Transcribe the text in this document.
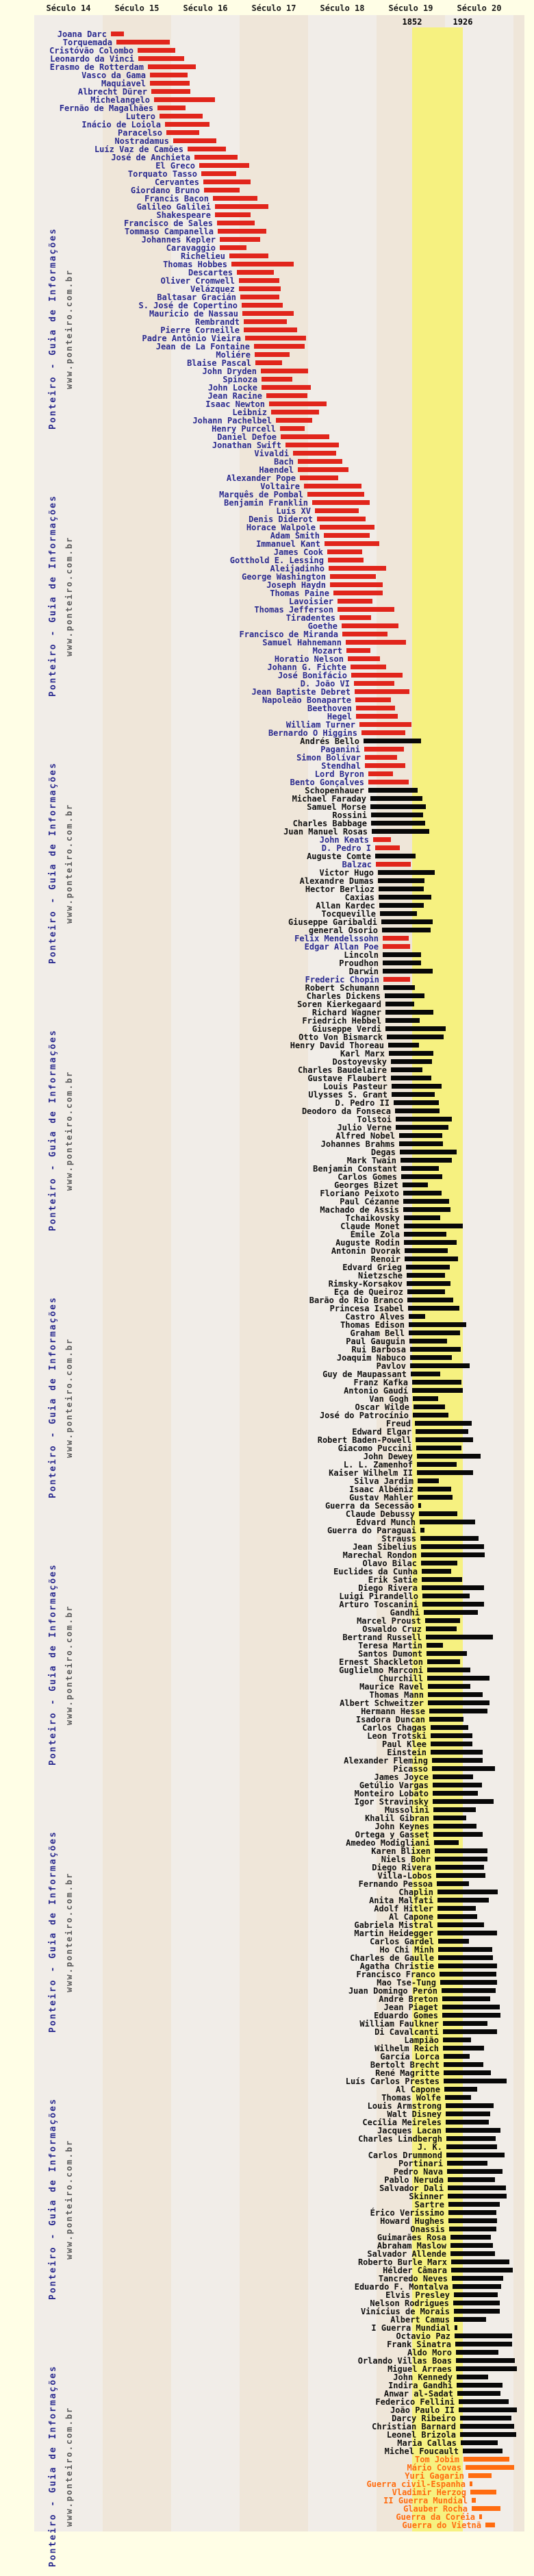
Século 14	Século 15	Século 16	Século 17	Século 18	Século 19	Século 20
1852	1926
Ponteiro - Guia de Informações www.ponteiro.com.br
Ponteiro - Guia de Informações www.ponteiro.com.br
Ponteiro - Guia de Informações www.ponteiro.com.br
Ponteiro - Guia de Informações www.ponteiro.com.br
Ponteiro - Guia de Informações www.ponteiro.com.br
Ponteiro - Guia de Informações www.ponteiro.com.br
Ponteiro - Guia de Informações www.ponteiro.com.br
Ponteiro - Guia de Informações www.ponteiro.com.br
Ponteiro - Guia de Informações www.ponteiro.com.br
Joana Darc
Torquemada
Cristóvão Colombo
Leonardo da Vinci
Erasmo de Rotterdam
Vasco da Gama
Maquiavel
Albrecht Dürer
Michelangelo
Fernão de Magalhães
Lutero
Inácio de Loiola
Paracelso
Nostradamus
Luíz Vaz de Camões
José de Anchieta
El Greco
Torquato Tasso
Cervantes
Giordano Bruno
Francis Bacon
Galileo Galilei
Shakespeare
Francisco de Sales
Tommaso Campanella
Johannes Kepler
Caravaggio
Richelieu
Thomas Hobbes
Descartes
Oliver Cromwell
Velázquez
Baltasar Gracián
S. José de Copertino
Mauricio de Nassau
Rembrandt
Pierre Corneille
Padre Antônio Vieira
Jean de La Fontaine
Moliére
Blaise Pascal
John Dryden
Spinoza
John Locke
Jean Racine
Isaac Newton
Leibniz
Johann Pachelbel
Henry Purcell
Daniel Defoe
Jonathan Swift
Vivaldi
Bach
Haendel
Alexander Pope
Voltaire
Marquês de Pombal
Benjamin Franklin
Luís XV
Denis Diderot
Horace Walpole
Adam Smith
Immanuel Kant
James Cook
Gotthold E. Lessing
Aleijadinho
George Washington
Joseph Haydn
Thomas Paine
Lavoisier
Thomas Jefferson
Tiradentes
Goethe
Francisco de Miranda
Samuel Hahnemann
Mozart
Horatio Nelson
Johann G. Fichte
José Bonifácio
D. João VI
Jean Baptiste Debret
Napoleão Bonaparte
Beethoven
Hegel
William Turner
Bernardo O Higgins
Andrés Bello
Paganini
Simon Bolívar
Stendhal
Lord Byron
Bento Gonçalves
Schopenhauer
Michael Faraday
Samuel Morse
Rossini
Charles Babbage
Juan Manuel Rosas
John Keats
D. Pedro I
Auguste Comte
Balzac
Victor Hugo
Alexandre Dumas
Hector Berlioz
Caxias
Allan Kardec
Tocqueville
Giuseppe Garibaldi
general Osorio
Felix Mendelssohn
Edgar Allan Poe
Lincoln
Proudhon
Darwin
Frederic Chopin
Robert Schumann
Charles Dickens
Soren Kierkegaard
Richard Wagner
Friedrich Hebbel
Giuseppe Verdi
Otto Von Bismarck
Henry David Thoreau
Karl Marx
Dostoyevsky
Charles Baudelaire
Gustave Flaubert
Louis Pasteur
Ulysses S. Grant
D. Pedro II
Deodoro da Fonseca
Tolstoi
Julio Verne
Alfred Nobel
Johannes Brahms
Degas
Mark Twain
Benjamin Constant
Carlos Gomes
Georges Bizet
Floriano Peixoto
Paul Cézanne
Machado de Assis
Tchaikovsky
Claude Monet
Émile Zola
Auguste Rodin
Antonin Dvorak
Renoir
Edvard Grieg
Nietzsche
Rimsky-Korsakov
Eça de Queiroz
Barão do Rio Branco
Princesa Isabel
Castro Alves
Thomas Edison
Graham Bell
Paul Gauguin
Rui Barbosa
Joaquim Nabuco
Pavlov
Guy de Maupassant
Franz Kafka
Antonio Gaudí
Van Gogh
Oscar Wilde
José do Patrocínio
Freud
Edward Elgar
Robert Baden-Powell
Giacomo Puccini
John Dewey
L. L. Zamenhof
Kaiser Wilhelm II
Silva Jardim
Isaac Albéniz
Gustav Mahler
Guerra da Secessão
Claude Debussy
Edvard Munch
Guerra do Paraguai
Strauss
Jean Sibelius
Marechal Rondon
Olavo Bilac
Euclides da Cunha
Erik Satie
Diego Rivera
Luigi Pirandello
Arturo Toscanini
Gandhi
Marcel Proust
Oswaldo Cruz
Bertrand Russell
Teresa Martin
Santos Dumont
Ernest Shackleton
Guglielmo Marconi
Churchill
Maurice Ravel
Thomas Mann
Albert Schweitzer
Hermann Hesse
Isadora Duncan
Carlos Chagas
Leon Trotski
Paul Klee
Einstein
Alexander Fleming
Picasso
James Joyce
Getúlio Vargas
Monteiro Lobato
Igor Stravinsky
Mussolini
Khalil Gibran
John Keynes
Ortega y Gasset
Amedeo Modigliani
Karen Blixen
Niels Bohr
Diego Rivera
Villa-Lobos
Fernando Pessoa
Chaplin
Anita Malfati
Adolf Hitler
Al Capone
Gabriela Mistral
Martin Heidegger
Carlos Gardel
Ho Chi Minh
Charles de Gaulle
Agatha Christie
Francisco Franco
Mao Tse-Tung
Juan Domingo Perón
André Breton
Jean Piaget
Eduardo Gomes
William Faulkner
Di Cavalcanti
Lampião
Wilhelm Reich
García Lorca
Bertolt Brecht
René Magritte
Luís Carlos Prestes
Al Capone
Thomas Wolfe
Louis Armstrong
Walt Disney
Cecília Meireles
Jacques Lacan
Charles Lindbergh
J. K.
Carlos Drummond
Portinari
Pedro Nava
Pablo Neruda
Salvador Dali
Skinner
Sartre
Érico Veríssimo
Howard Hughes
Onassis
Guimarães Rosa
Abraham Maslow
Salvador Allende
Roberto Burle Marx
Hélder Câmara
Tancredo Neves
Eduardo F. Montalva
Elvis Presley
Nelson Rodrigues
Vinícius de Morais
Albert Camus
I Guerra Mundial
Octavio Paz
Frank Sinatra
Aldo Moro
Orlando Villas Boas
Miguel Arraes
John Kennedy
Indira Gandhi
Anwar al-Sadat
Federico Fellini
João Paulo II
Darcy Ribeiro
Christian Barnard
Leonel Brizola
Maria Callas
Michel Foucault
Tom Jobim
Mário Covas
Yuri Gagarin
Guerra civil-Espanha
Vladimir Herzog
II Guerra Mundial
Glauber Rocha
Guerra da Coréia
Guerra do Vietnã
